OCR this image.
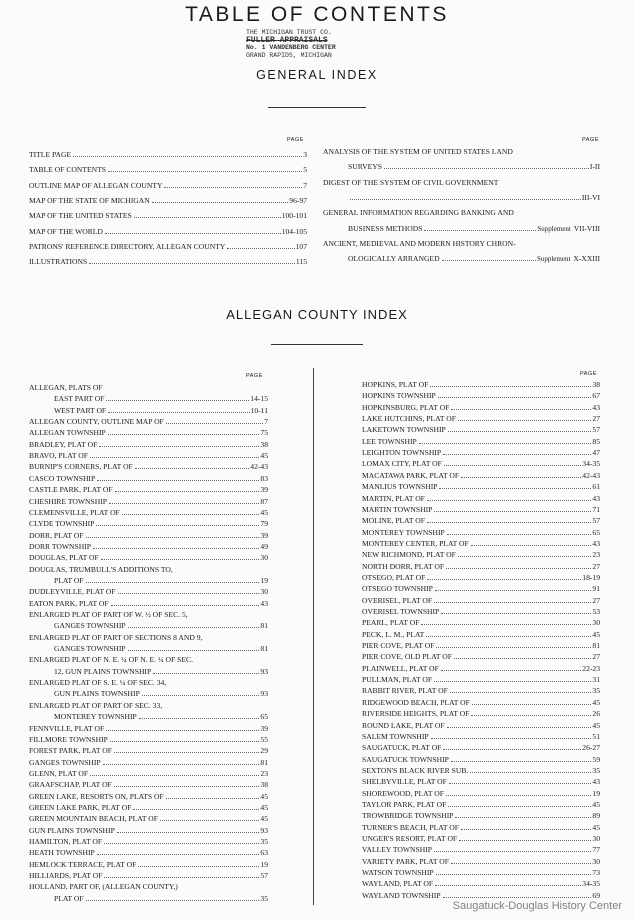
TABLE OF CONTENTS
THE MICHIGAN TRUST CO.
FULLER APPRAISALS
No. 1 VANDENBERG CENTER
GRAND RAPIDS, MICHIGAN
GENERAL INDEX
PAGE	PAGE
TITLE PAGE	3
TABLE OF CONTENTS	5
OUTLINE MAP OF ALLEGAN COUNTY	7
MAP OF THE STATE OF MICHIGAN	96-97
MAP OF THE UNITED STATES	100-101
MAP OF THE WORLD	104-105
PATRONS' REFERENCE DIRECTORY, ALLEGAN COUNTY	107
ILLUSTRATIONS	115
ANALYSIS OF THE SYSTEM OF UNITED STATES LAND
SURVEYS	I-II
DIGEST OF THE SYSTEM OF CIVIL GOVERNMENT
III-VI
GENERAL INFORMATION REGARDING BANKING AND
BUSINESS METHODS	Supplement VII-VIII
ANCIENT, MEDIEVAL AND MODERN HISTORY CHRON-
OLOGICALLY ARRANGED	Supplement X-XXIII
ALLEGAN COUNTY INDEX
PAGE	PAGE
ALLEGAN, PLATS OF
EAST PART OF	14-15
WEST PART OF	10-11
ALLEGAN COUNTY, OUTLINE MAP OF	7
ALLEGAN TOWNSHIP	75
BRADLEY, PLAT OF	38
BRAVO, PLAT OF	45
BURNIP'S CORNERS, PLAT OF	42-43
CASCO TOWNSHIP	83
CASTLE PARK, PLAT OF	39
CHESHIRE TOWNSHIP	87
CLEMENSVILLE, PLAT OF	45
CLYDE TOWNSHIP	79
DORR, PLAT OF	39
DORR TOWNSHIP	49
DOUGLAS, PLAT OF	30
DOUGLAS, TRUMBULL'S ADDITIONS TO,
PLAT OF	19
DUDLEYVILLE, PLAT OF	30
EATON PARK, PLAT OF	43
ENLARGED PLAT OF PART OF W. ½ OF SEC. 5,
GANGES TOWNSHIP	81
ENLARGED PLAT OF PART OF SECTIONS 8 AND 9,
GANGES TOWNSHIP	81
ENLARGED PLAT OF N. E. ¼ OF N. E. ¼ OF SEC.
12, GUN PLAINS TOWNSHIP	93
ENLARGED PLAT OF S. E. ¼ OF SEC. 34,
GUN PLAINS TOWNSHIP	93
ENLARGED PLAT OF PART OF SEC. 33,
MONTEREY TOWNSHIP	65
FENNVILLE, PLAT OF	39
FILLMORE TOWNSHIP	55
FOREST PARK, PLAT OF	29
GANGES TOWNSHIP	81
GLENN, PLAT OF	23
GRAAFSCHAP, PLAT OF	38
GREEN LAKE, RESORTS ON, PLATS OF	45
GREEN LAKE PARK, PLAT OF	45
GREEN MOUNTAIN BEACH, PLAT OF	45
GUN PLAINS TOWNSHIP	93
HAMILTON, PLAT OF	35
HEATH TOWNSHIP	63
HEMLOCK TERRACE, PLAT OF	19
HILLIARDS, PLAT OF	57
HOLLAND, PART OF, (ALLEGAN COUNTY,)
PLAT OF	35
HOPKINS, PLAT OF	38
HOPKINS TOWNSHIP	67
HOPKINSBURG, PLAT OF	43
LAKE HUTCHINS, PLAT OF	27
LAKETOWN TOWNSHIP	57
LEE TOWNSHIP	85
LEIGHTON TOWNSHIP	47
LOMAX CITY, PLAT OF	34-35
MACATAWA PARK, PLAT OF	42-43
MANLIUS TOWNSHIP	61
MARTIN, PLAT OF	43
MARTIN TOWNSHIP	71
MOLINE, PLAT OF	57
MONTEREY TOWNSHIP	65
MONTEREY CENTER, PLAT OF	43
NEW RICHMOND, PLAT OF	23
NORTH DORR, PLAT OF	27
OTSEGO, PLAT OF	18-19
OTSEGO TOWNSHIP	91
OVERISEL, PLAT OF	27
OVERISEL TOWNSHIP	53
PEARL, PLAT OF	30
PECK, L. M., PLAT	45
PIER COVE, PLAT OF	81
PIER COVE, OLD PLAT OF	27
PLAINWELL, PLAT OF	22-23
PULLMAN, PLAT OF	31
RABBIT RIVER, PLAT OF	35
RIDGEWOOD BEACH, PLAT OF	45
RIVERSIDE HEIGHTS, PLAT OF	26
ROUND LAKE, PLAT OF	45
SALEM TOWNSHIP	51
SAUGATUCK, PLAT OF	26-27
SAUGATUCK TOWNSHIP	59
SEXTON'S BLACK RIVER SUB.	35
SHELBYVILLE, PLAT OF	43
SHOREWOOD, PLAT OF	19
TAYLOR PARK, PLAT OF	45
TROWBRIDGE TOWNSHIP	89
TURNER'S BEACH, PLAT OF	45
UNGER'S RESORT, PLAT OF	30
VALLEY TOWNSHIP	77
VARIETY PARK, PLAT OF	30
WATSON TOWNSHIP	73
WAYLAND, PLAT OF	34-35
WAYLAND TOWNSHIP	69
Saugatuck-Douglas History Center
